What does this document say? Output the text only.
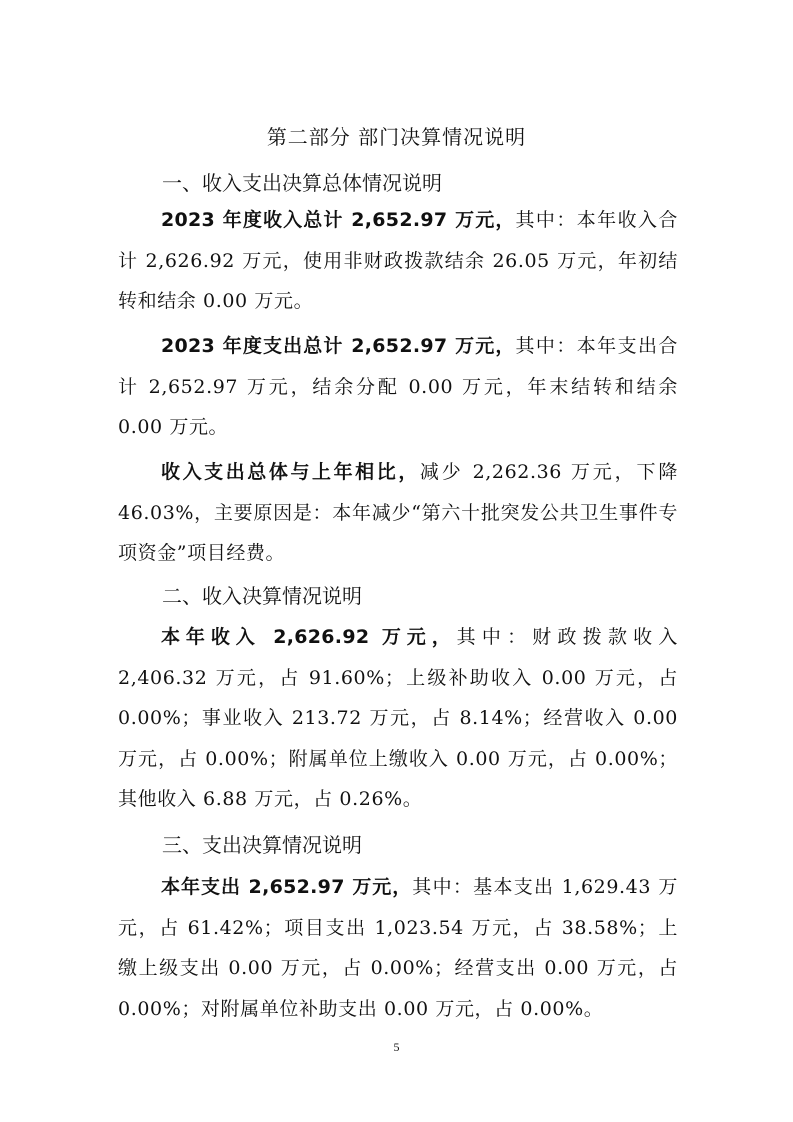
第二部分 部门决算情况说明
一、收入支出决算总体情况说明

2023 年度收入总计 2,652.97 万元，其中：本年收入合计 2,626.92 万元，使用非财政拨款结余 26.05 万元，年初结转和结余 0.00 万元。

2023 年度支出总计 2,652.97 万元，其中：本年支出合计 2,652.97 万元，结余分配 0.00 万元，年末结转和结余 0.00 万元。

收入支出总体与上年相比，减少 2,262.36 万元，下降 46.03%，主要原因是：本年减少“第六十批突发公共卫生事件专项资金”项目经费。

二、收入决算情况说明

本年收入 2,626.92 万元，其中：财政拨款收入 2,406.32 万元，占 91.60%；上级补助收入 0.00 万元，占 0.00%；事业收入 213.72 万元，占 8.14%；经营收入 0.00 万元，占 0.00%；附属单位上缴收入 0.00 万元，占 0.00%；其他收入 6.88 万元，占 0.26%。

三、支出决算情况说明

本年支出 2,652.97 万元，其中：基本支出 1,629.43 万元，占 61.42%；项目支出 1,023.54 万元，占 38.58%；上缴上级支出 0.00 万元，占 0.00%；经营支出 0.00 万元，占 0.00%；对附属单位补助支出 0.00 万元，占 0.00%。

5
